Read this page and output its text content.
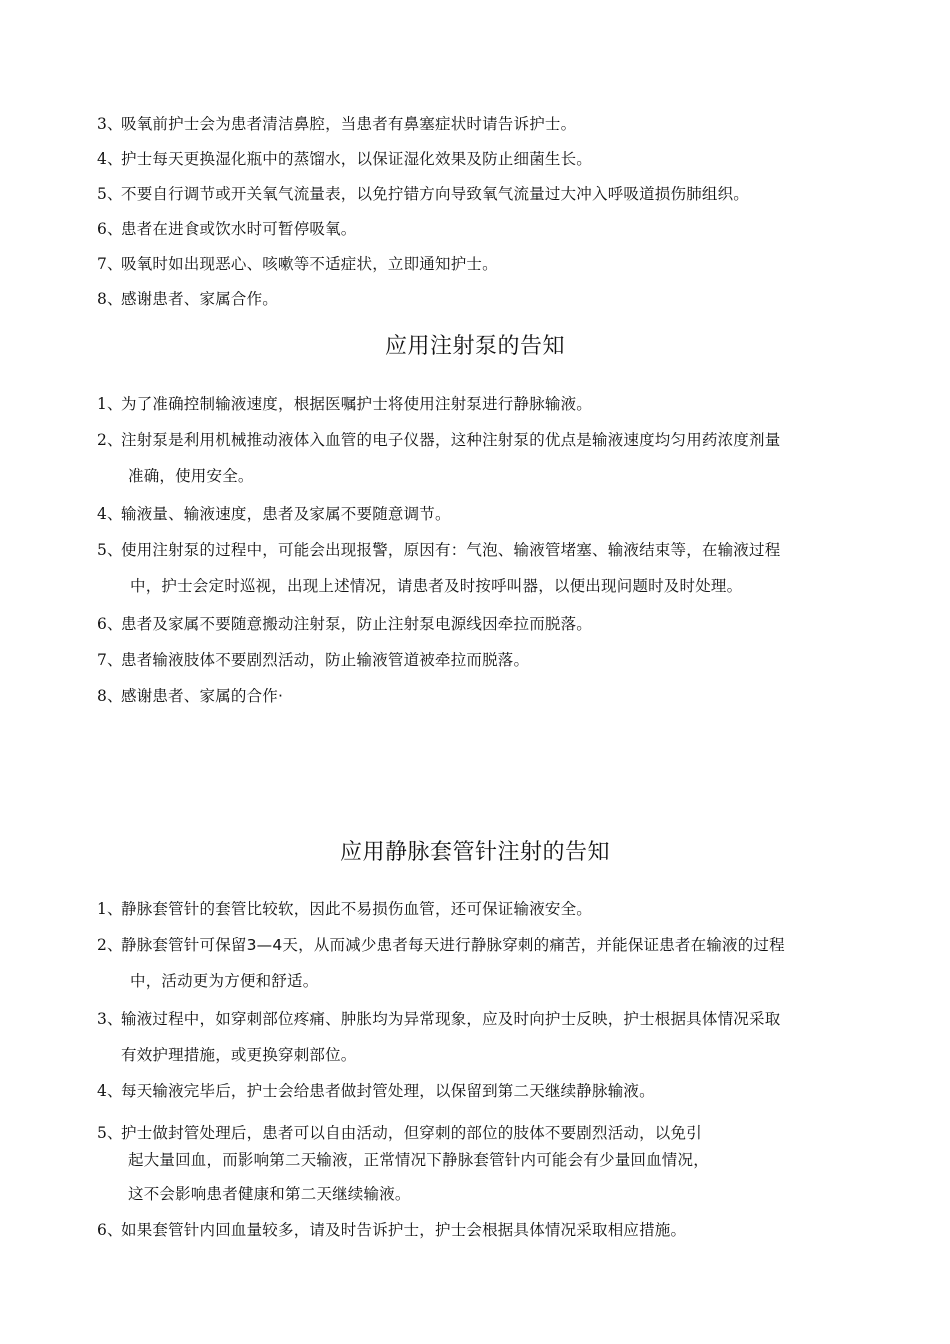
3、吸氧前护士会为患者清洁鼻腔，当患者有鼻塞症状时请告诉护士。
4、护士每天更换湿化瓶中的蒸馏水，以保证湿化效果及防止细菌生长。
5、不要自行调节或开关氧气流量表，以免拧错方向导致氧气流量过大冲入呼吸道损伤肺组织。
6、患者在进食或饮水时可暂停吸氧。
7、吸氧时如出现恶心、咳嗽等不适症状，立即通知护士。
8、感谢患者、家属合作。
应用注射泵的告知
1、为了准确控制输液速度，根据医嘱护士将使用注射泵进行静脉输液。
2、注射泵是利用机械推动液体入血管的电子仪器，这种注射泵的优点是输液速度均匀用药浓度剂量
准确，使用安全。
4、输液量、输液速度，患者及家属不要随意调节。
5、使用注射泵的过程中，可能会出现报警，原因有：气泡、输液管堵塞、输液结束等，在输液过程
中，护士会定时巡视，出现上述情况，请患者及时按呼叫器，以便出现问题时及时处理。
6、患者及家属不要随意搬动注射泵，防止注射泵电源线因牵拉而脱落。
7、患者输液肢体不要剧烈活动，防止输液管道被牵拉而脱落。
8、感谢患者、家属的合作·
应用静脉套管针注射的告知
1、静脉套管针的套管比较软，因此不易损伤血管，还可保证输液安全。
2、静脉套管针可保留3—4天，从而减少患者每天进行静脉穿刺的痛苦，并能保证患者在输液的过程
中，活动更为方便和舒适。
3、输液过程中，如穿刺部位疼痛、肿胀均为异常现象，应及时向护士反映，护士根据具体情况采取
有效护理措施，或更换穿刺部位。
4、每天输液完毕后，护士会给患者做封管处理，以保留到第二天继续静脉输液。
5、护士做封管处理后，患者可以自由活动，但穿刺的部位的肢体不要剧烈活动，以免引
起大量回血，而影响第二天输液，正常情况下静脉套管针内可能会有少量回血情况，
这不会影响患者健康和第二天继续输液。
6、如果套管针内回血量较多，请及时告诉护士，护士会根据具体情况采取相应措施。
